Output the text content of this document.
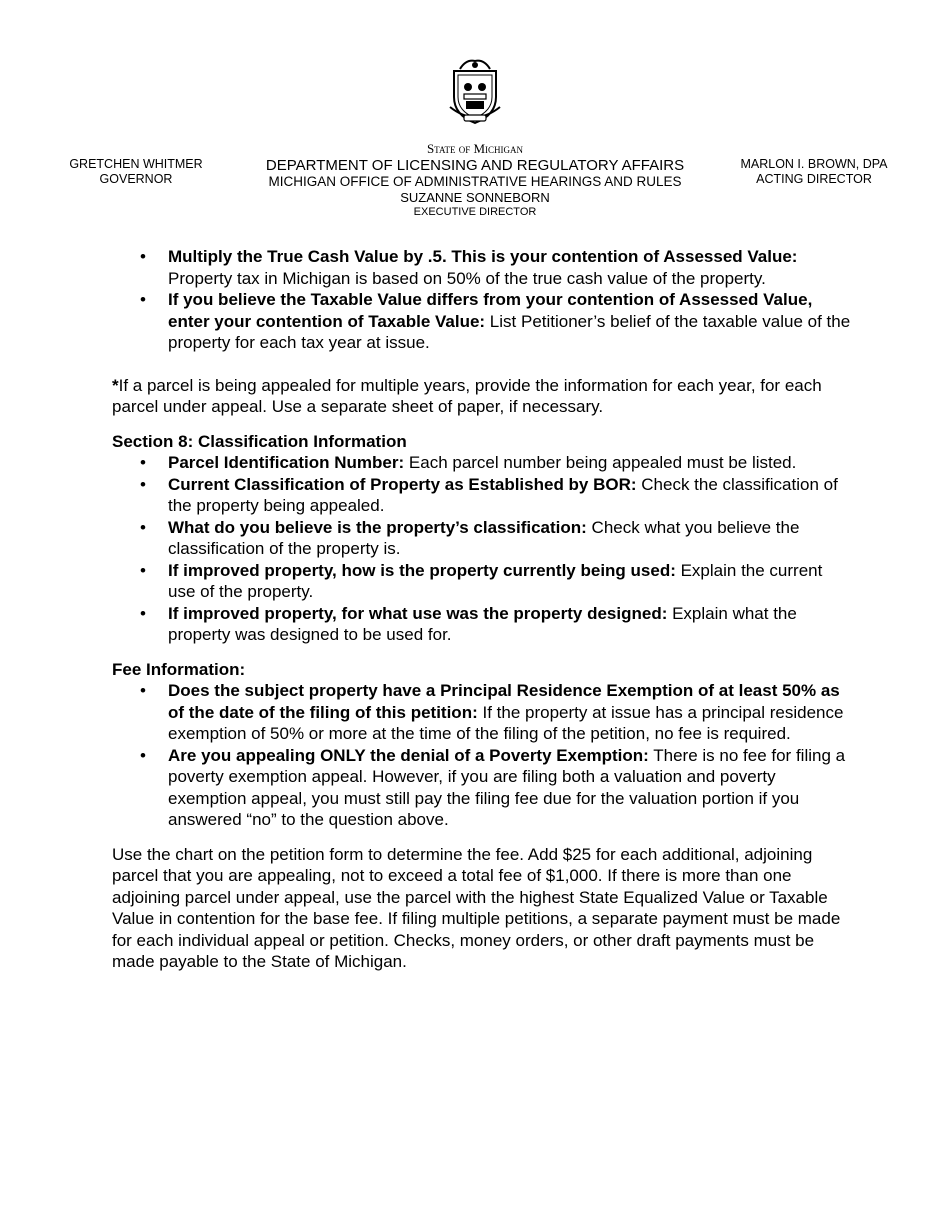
GRETCHEN WHITMER
GOVERNOR
State of Michigan
DEPARTMENT OF LICENSING AND REGULATORY AFFAIRS
MICHIGAN OFFICE OF ADMINISTRATIVE HEARINGS AND RULES
SUZANNE SONNEBORN
EXECUTIVE DIRECTOR
MARLON I. BROWN, DPA
ACTING DIRECTOR
• Multiply the True Cash Value by .5. This is your contention of Assessed Value: Property tax in Michigan is based on 50% of the true cash value of the property.
• If you believe the Taxable Value differs from your contention of Assessed Value, enter your contention of Taxable Value: List Petitioner’s belief of the taxable value of the property for each tax year at issue.

*If a parcel is being appealed for multiple years, provide the information for each year, for each parcel under appeal. Use a separate sheet of paper, if necessary.

Section 8: Classification Information
• Parcel Identification Number: Each parcel number being appealed must be listed.
• Current Classification of Property as Established by BOR: Check the classification of the property being appealed.
• What do you believe is the property’s classification: Check what you believe the classification of the property is.
• If improved property, how is the property currently being used: Explain the current use of the property.
• If improved property, for what use was the property designed: Explain what the property was designed to be used for.
Fee Information:
• Does the subject property have a Principal Residence Exemption of at least 50% as of the date of the filing of this petition: If the property at issue has a principal residence exemption of 50% or more at the time of the filing of the petition, no fee is required.
• Are you appealing ONLY the denial of a Poverty Exemption: There is no fee for filing a poverty exemption appeal. However, if you are filing both a valuation and poverty exemption appeal, you must still pay the filing fee due for the valuation portion if you answered “no” to the question above.

Use the chart on the petition form to determine the fee. Add $25 for each additional, adjoining parcel that you are appealing, not to exceed a total fee of $1,000. If there is more than one adjoining parcel under appeal, use the parcel with the highest State Equalized Value or Taxable Value in contention for the base fee. If filing multiple petitions, a separate payment must be made for each individual appeal or petition. Checks, money orders, or other draft payments must be made payable to the State of Michigan.
